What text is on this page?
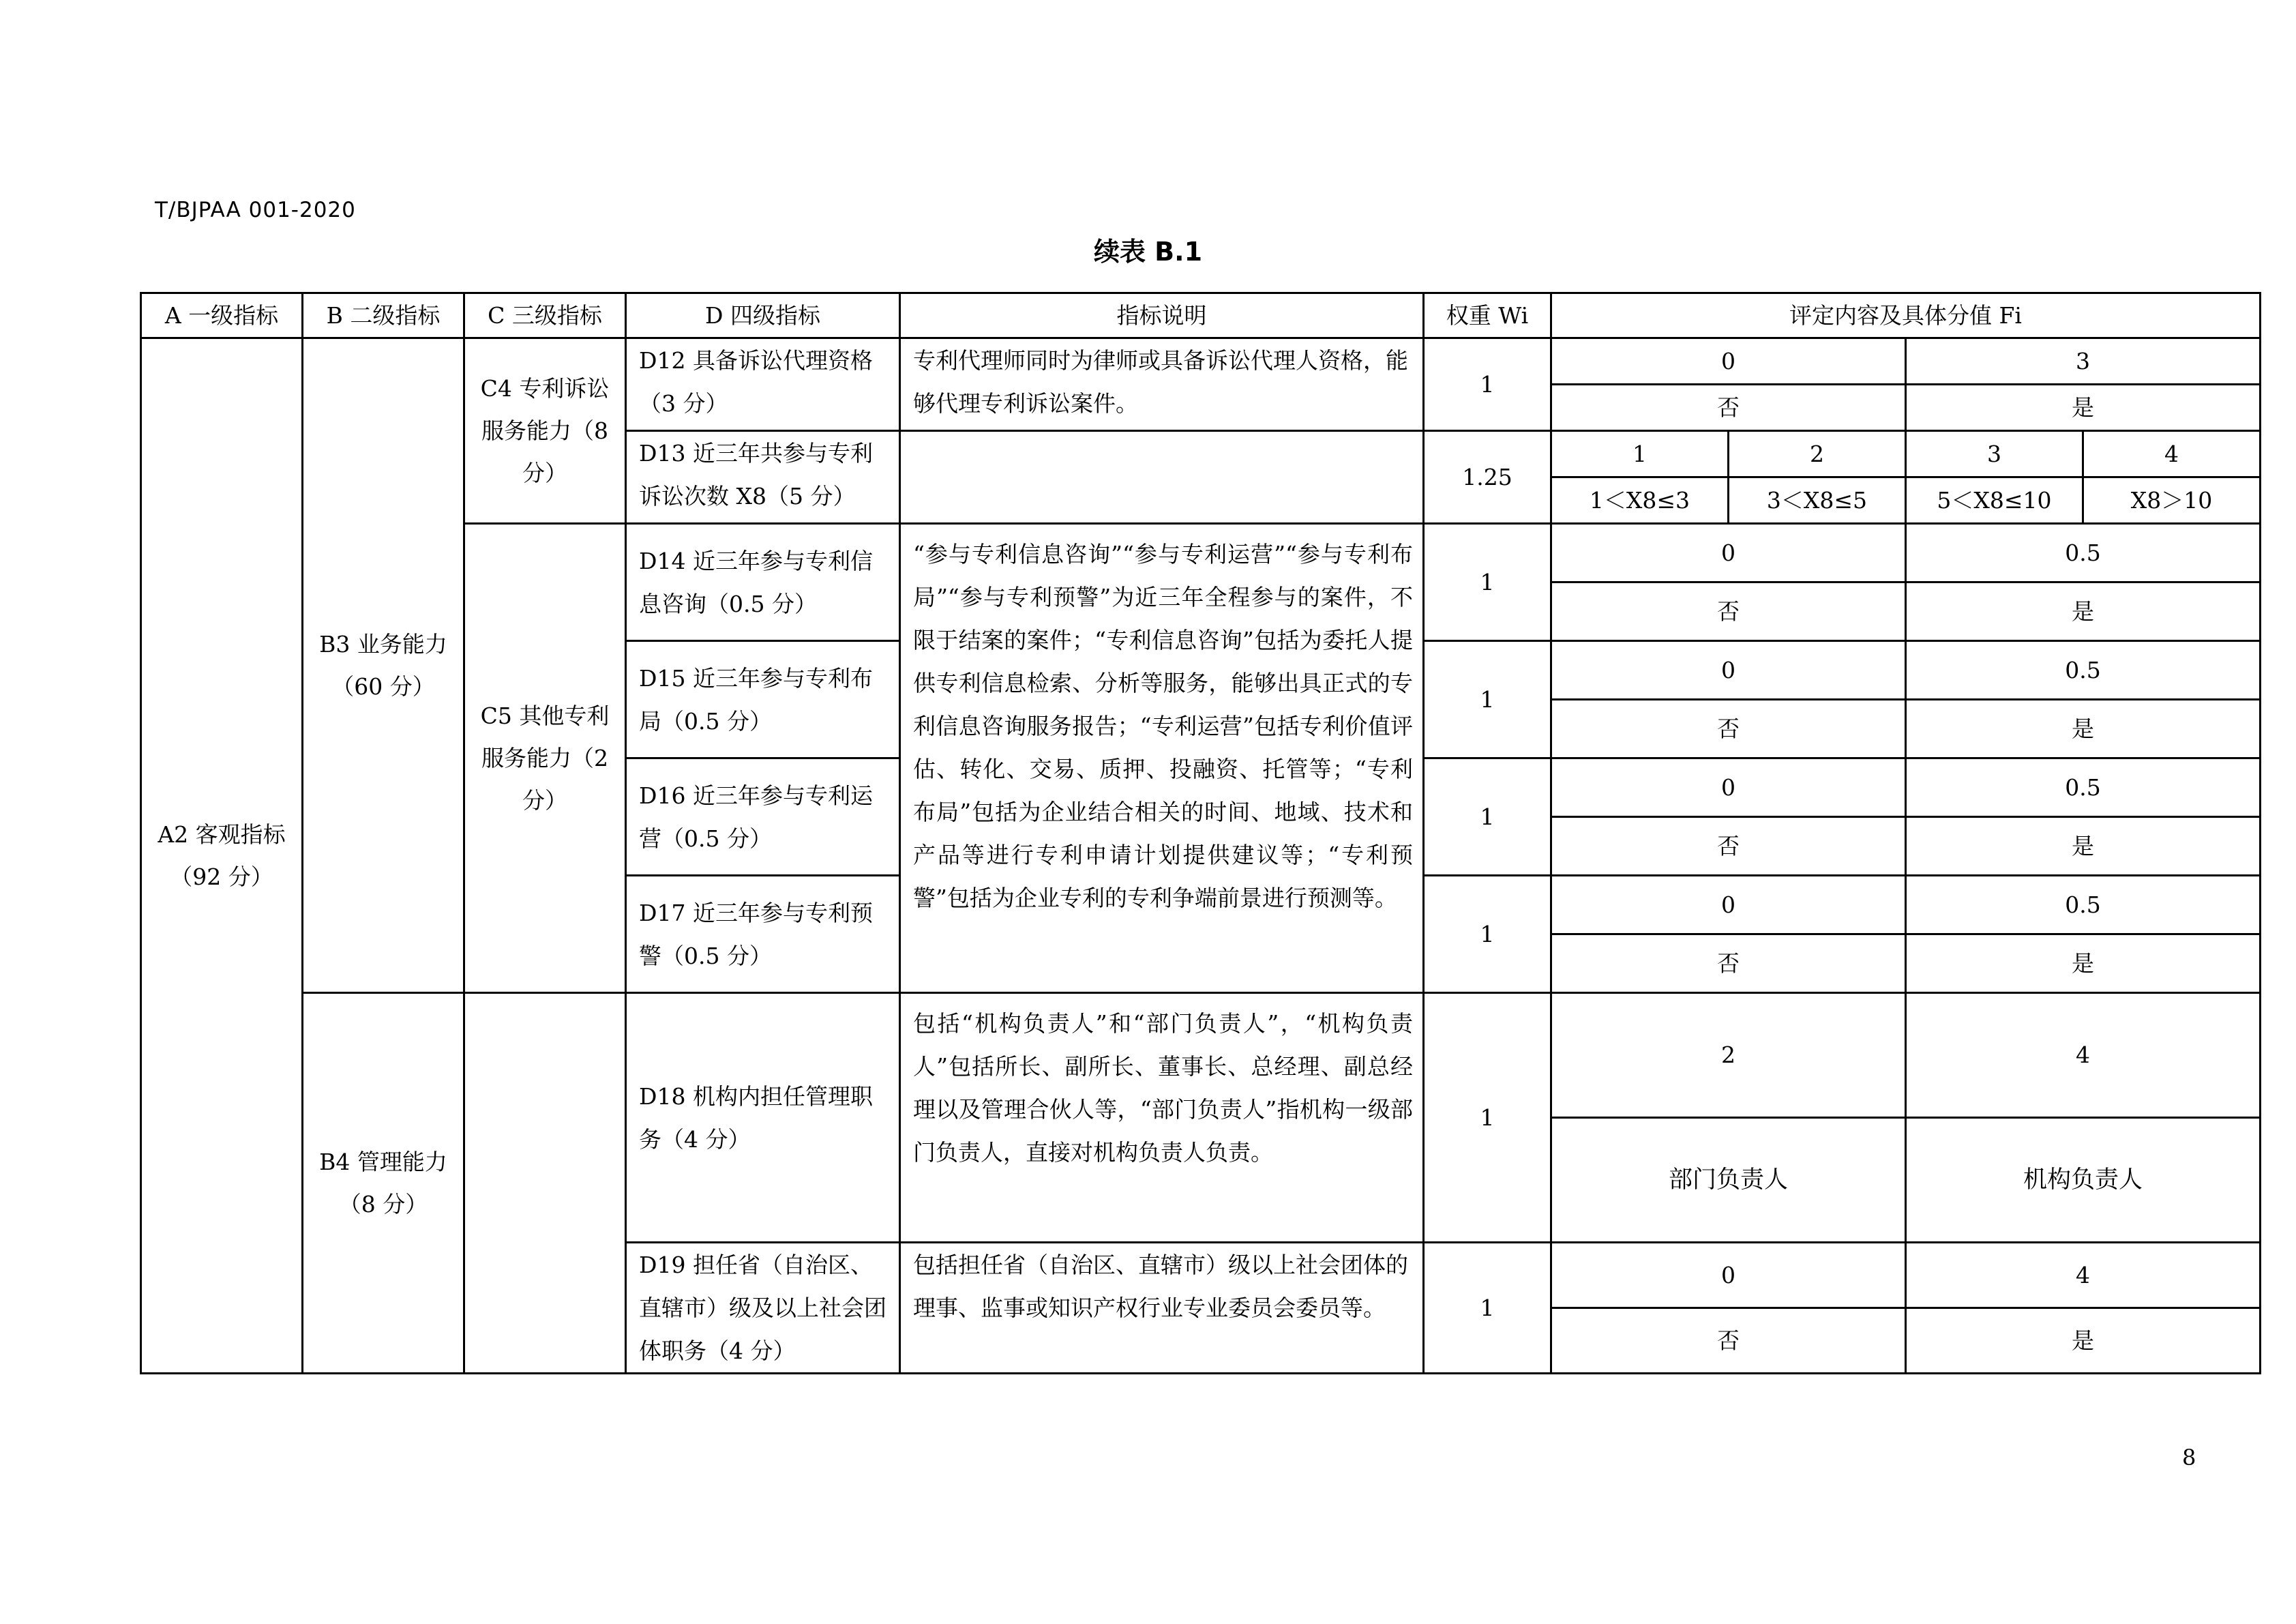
T/BJPAA 001-2020
续表 B.1
A 一级指标	B 二级指标	C 三级指标	D 四级指标	指标说明	权重 Wi	评定内容及具体分值 Fi			
A2 客观指标（92 分）	B3 业务能力（60 分）	C4 专利诉讼服务能力（8 分）	D12 具备诉讼代理资格（3 分）	专利代理师同时为律师或具备诉讼代理人资格，能够代理专利诉讼案件。	1	0		3	
						否		是	
			D13 近三年共参与专利诉讼次数 X8（5 分）		1.25	1	2	3	4
						1＜X8≤3	3＜X8≤5	5＜X8≤10	X8＞10
		C5 其他专利服务能力（2 分）	D14 近三年参与专利信息咨询（0.5 分）	“参与专利信息咨询”“参与专利运营”“参与专利布局”“参与专利预警”为近三年全程参与的案件，不限于结案的案件；“专利信息咨询”包括为委托人提供专利信息检索、分析等服务，能够出具正式的专利信息咨询服务报告；“专利运营”包括专利价值评估、转化、交易、质押、投融资、托管等；“专利布局”包括为企业结合相关的时间、地域、技术和产品等进行专利申请计划提供建议等；“专利预警”包括为企业专利的专利争端前景进行预测等。	1	0		0.5	
						否		是	
			D15 近三年参与专利布局（0.5 分）		1	0		0.5	
						否		是	
			D16 近三年参与专利运营（0.5 分）		1	0		0.5	
						否		是	
			D17 近三年参与专利预警（0.5 分）		1	0		0.5	
						否		是	
	B4 管理能力（8 分）		D18 机构内担任管理职务（4 分）	包括“机构负责人”和“部门负责人”，“机构负责人”包括所长、副所长、董事长、总经理、副总经理以及管理合伙人等，“部门负责人”指机构一级部门负责人，直接对机构负责人负责。	1	2		4	
						部门负责人		机构负责人	
			D19 担任省（自治区、直辖市）级及以上社会团体职务（4 分）	包括担任省（自治区、直辖市）级以上社会团体的理事、监事或知识产权行业专业委员会委员等。	1	0		4	
						否		是	
8
